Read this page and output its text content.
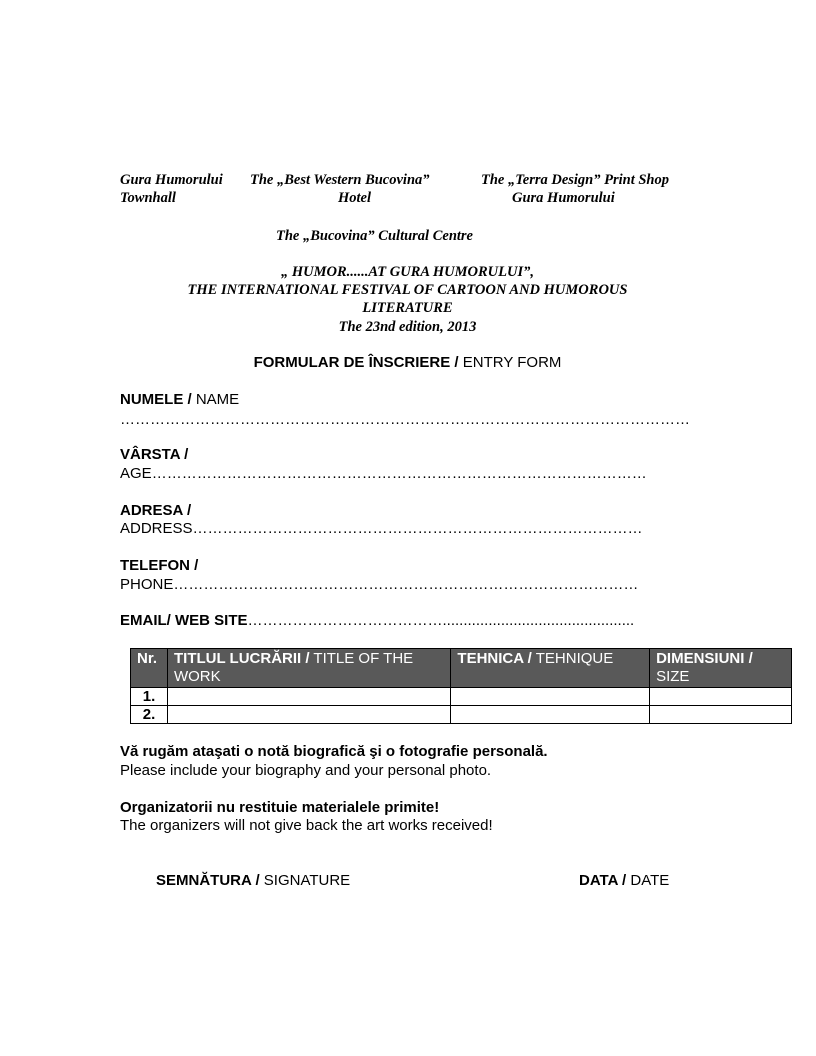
Gura Humorului
Townhall
The „Best Western Bucovina”
Hotel
The „Terra Design” Print Shop
Gura Humorului
The „Bucovina” Cultural Centre
„ HUMOR......AT GURA HUMORULUI”,
THE INTERNATIONAL FESTIVAL OF CARTOON AND HUMOROUS
LITERATURE
The 23nd edition, 2013
FORMULAR DE ÎNSCRIERE / ENTRY FORM
NUMELE / NAME
……………………………………………………………………………………………………
VÂRSTA /
AGE………………………………………………………………………………………
ADRESA /
ADDRESS………………………………………………………………………………
TELEFON /
PHONE…………………………………………………………………………………
EMAIL/ WEB SITE…………………………………..............................................
Nr.	TITLUL LUCRĂRII / TITLE OF THE WORK	TEHNICA / TEHNIQUE	DIMENSIUNI /
SIZE
1.			
2.			
Vă rugăm ataşati o notă biografică şi o fotografie personală.
Please include your biography and your personal photo.
Organizatorii nu restituie materialele primite!
The organizers will not give back the art works received!
SEMNĂTURA / SIGNATURE	DATA / DATE
